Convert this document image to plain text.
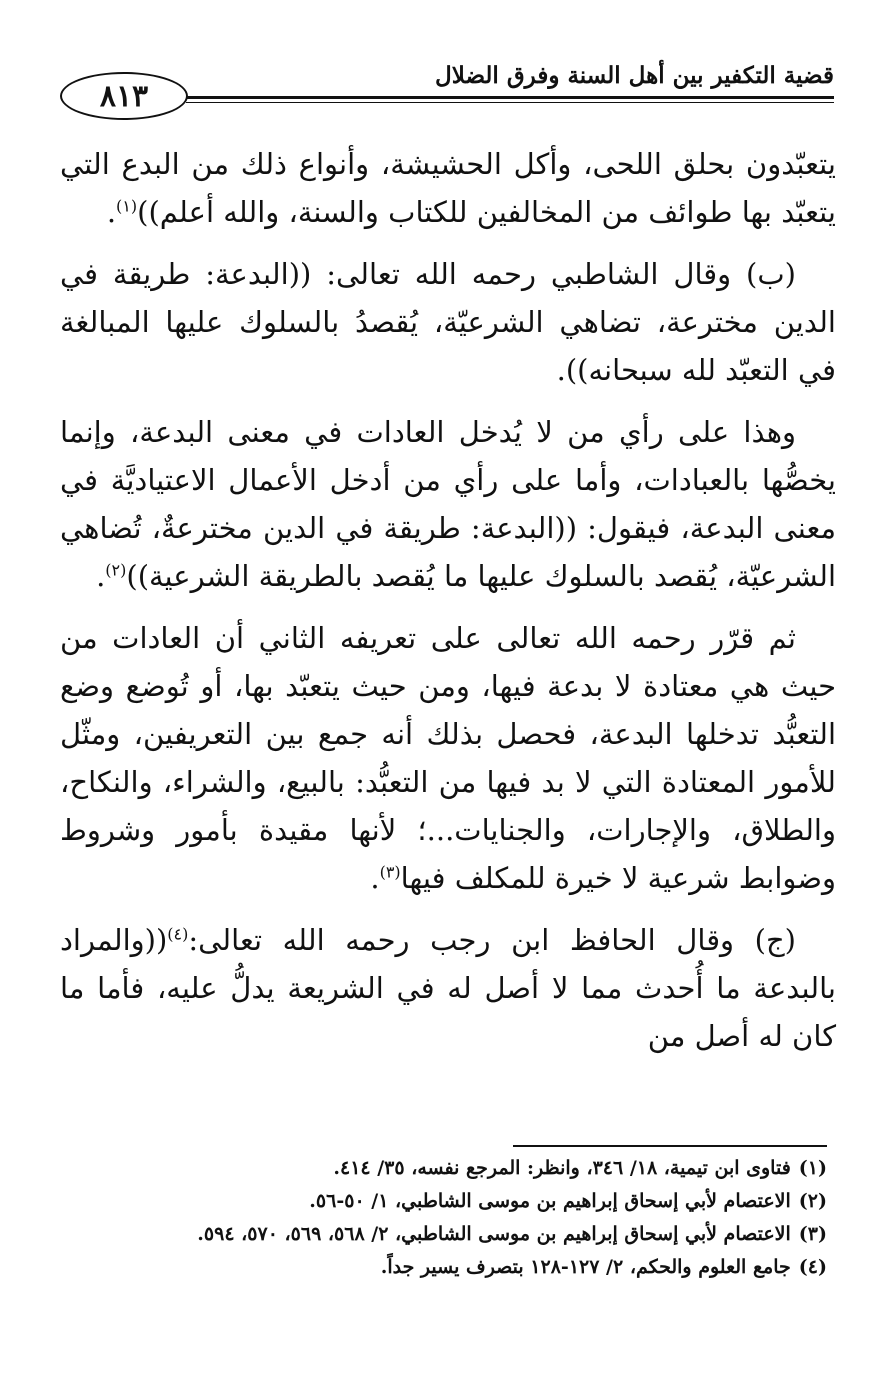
٨١٣
قضية التكفير بين أهل السنة وفرق الضلال

يتعبّدون بحلق اللحى، وأكل الحشيشة، وأنواع ذلك من البدع التي يتعبّد بها طوائف من المخالفين للكتاب والسنة، والله أعلم))$^{(١)}$.

(ب) وقال الشاطبي رحمه الله تعالى: ((البدعة: طريقة في الدين مخترعة، تضاهي الشرعيّة، يُقصدُ بالسلوك عليها المبالغة في التعبّد لله سبحانه)).

وهذا على رأي من لا يُدخل العادات في معنى البدعة، وإنما يخصُّها بالعبادات، وأما على رأي من أدخل الأعمال الاعتياديَّة في معنى البدعة، فيقول: ((البدعة: طريقة في الدين مخترعةٌ، تُضاهي الشرعيّة، يُقصد بالسلوك عليها ما يُقصد بالطريقة الشرعية))$^{(٢)}$.

ثم قرّر رحمه الله تعالى على تعريفه الثاني أن العادات من حيث هي معتادة لا بدعة فيها، ومن حيث يتعبّد بها، أو تُوضع وضع التعبُّد تدخلها البدعة، فحصل بذلك أنه جمع بين التعريفين، ومثّل للأمور المعتادة التي لا بد فيها من التعبُّد: بالبيع، والشراء، والنكاح، والطلاق، والإجارات، والجنايات...؛ لأنها مقيدة بأمور وشروط وضوابط شرعية لا خيرة للمكلف فيها$^{(٣)}$.

(ج) وقال الحافظ ابن رجب رحمه الله تعالى:$^{(٤)}$((والمراد بالبدعة ما أُحدث مما لا أصل له في الشريعة يدلُّ عليه، فأما ما كان له أصل من

(١)فتاوى ابن تيمية، ١٨/ ٣٤٦، وانظر: المرجع نفسه، ٣٥/ ٤١٤.
(٢)الاعتصام لأبي إسحاق إبراهيم بن موسى الشاطبي، ١/ ٥٠-٥٦.
(٣)الاعتصام لأبي إسحاق إبراهيم بن موسى الشاطبي، ٢/ ٥٦٨، ٥٦٩، ٥٧٠، ٥٩٤.
(٤)جامع العلوم والحكم، ٢/ ١٢٧-١٢٨ بتصرف يسير جداً.
